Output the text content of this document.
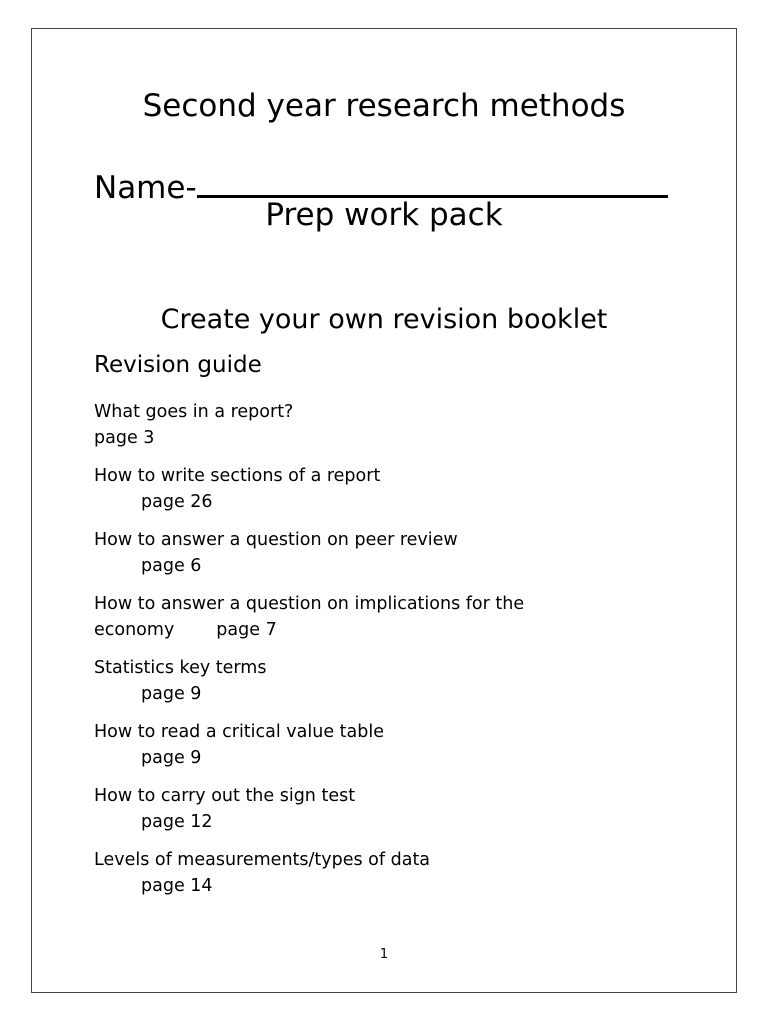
Second year research methods
Name-
Prep work pack
Create your own revision booklet
Revision guide
What goes in a report?
page 3
How to write sections of a report
page 26
How to answer a question on peer review
page 6
How to answer a question on implications for the
economy page 7
Statistics key terms
page 9
How to read a critical value table
page 9
How to carry out the sign test
page 12
Levels of measurements/types of data
page 14
1
